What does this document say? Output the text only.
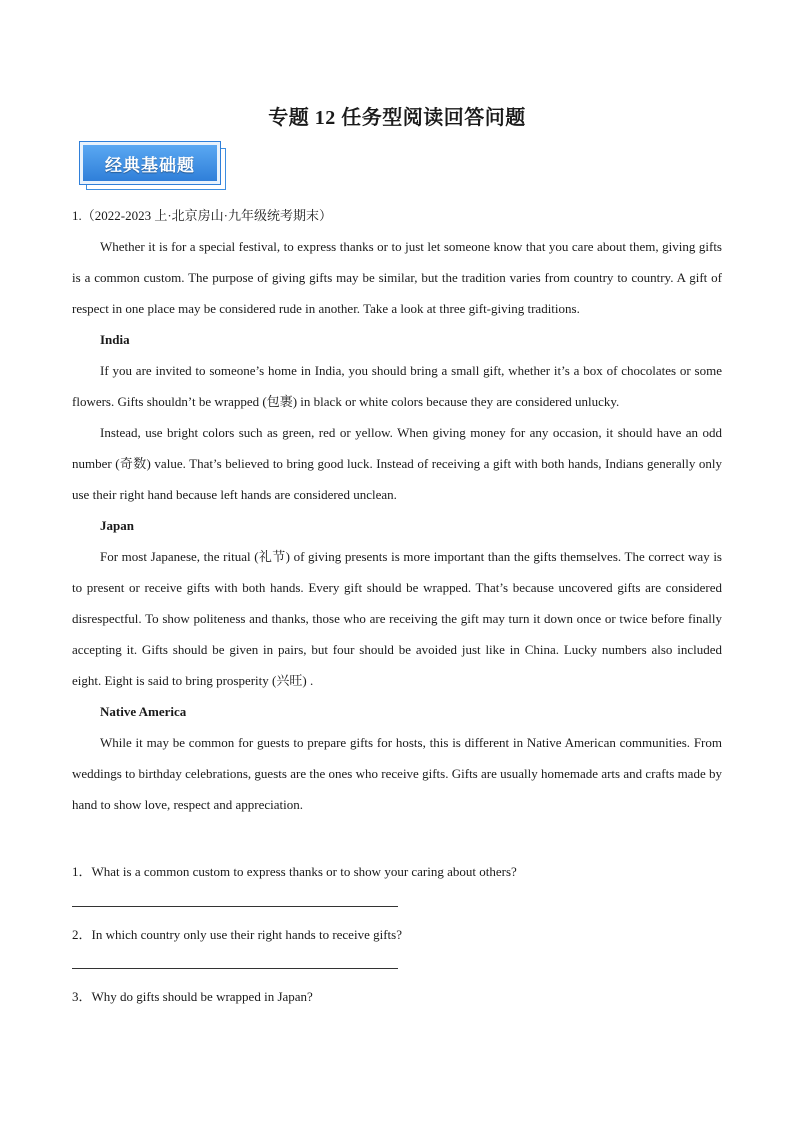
专题 12 任务型阅读回答问题
经典基础题

1.（2022-2023 上·北京房山·九年级统考期末）

Whether it is for a special festival, to express thanks or to just let someone know that you care about them, giving gifts is a common custom. The purpose of giving gifts may be similar, but the tradition varies from country to country. A gift of respect in one place may be considered rude in another. Take a look at three gift-giving traditions.

India

If you are invited to someone’s home in India, you should bring a small gift, whether it’s a box of chocolates or some flowers. Gifts shouldn’t be wrapped (包裹) in black or white colors because they are considered unlucky.

Instead, use bright colors such as green, red or yellow. When giving money for any occasion, it should have an odd number (奇数) value. That’s believed to bring good luck. Instead of receiving a gift with both hands, Indians generally only use their right hand because left hands are considered unclean.

Japan

For most Japanese, the ritual (礼节) of giving presents is more important than the gifts themselves. The correct way is to present or receive gifts with both hands. Every gift should be wrapped. That’s because uncovered gifts are considered disrespectful. To show politeness and thanks, those who are receiving the gift may turn it down once or twice before finally accepting it. Gifts should be given in pairs, but four should be avoided just like in China. Lucky numbers also included eight. Eight is said to bring prosperity (兴旺) .

Native America

While it may be common for guests to prepare gifts for hosts, this is different in Native American communities. From weddings to birthday celebrations, guests are the ones who receive gifts. Gifts are usually homemade arts and crafts made by hand to show love, respect and appreciation.

1．What is a common custom to express thanks or to show your caring about others?
2．In which country only use their right hands to receive gifts?
3．Why do gifts should be wrapped in Japan?
